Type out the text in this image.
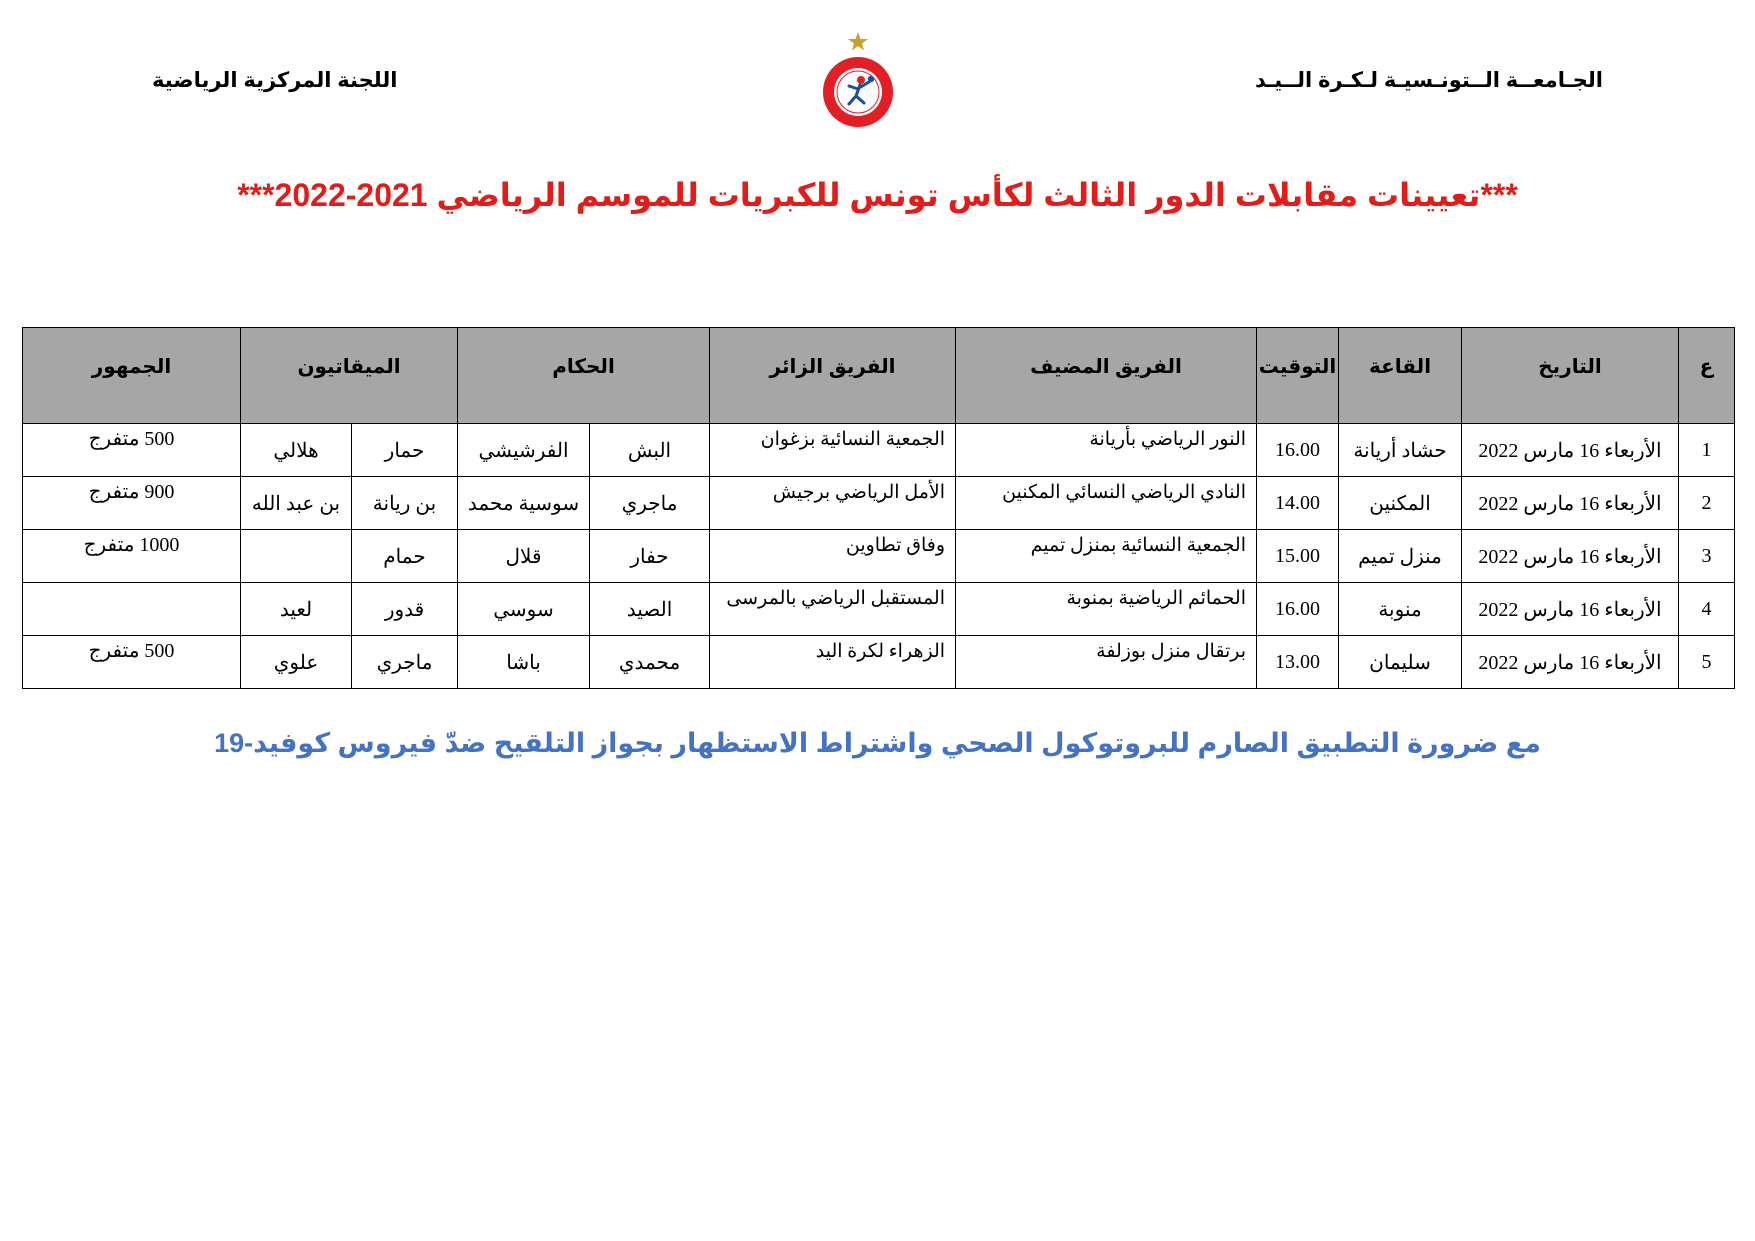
الجـامعــة الــتونـسيـة لـكـرة الــيـد
اللجنة المركزية الرياضية
***تعيينات مقابلات الدور الثالث لكأس تونس للكبريات للموسم الرياضي 2021-2022***
ع	التاريخ	القاعة	التوقيت	الفريق المضيف	الفريق الزائر	الحكام		الميقاتيون		الجمهور
1	الأربعاء 16 مارس 2022	حشاد أريانة	16.00	النور الرياضي بأريانة	الجمعية النسائية بزغوان	البش	الفرشيشي	حمار	هلالي	500 متفرج
2	الأربعاء 16 مارس 2022	المكنين	14.00	النادي الرياضي النسائي المكنين	الأمل الرياضي برجيش	ماجري	سوسية محمد	بن ريانة	بن عبد الله	900 متفرج
3	الأربعاء 16 مارس 2022	منزل تميم	15.00	الجمعية النسائية بمنزل تميم	وفاق تطاوين	حفار	قلال	حمام		1000 متفرج
4	الأربعاء 16 مارس 2022	منوبة	16.00	الحمائم الرياضية بمنوبة	المستقبل الرياضي بالمرسى	الصيد	سوسي	قدور	لعيد	
5	الأربعاء 16 مارس 2022	سليمان	13.00	برتقال منزل بوزلفة	الزهراء لكرة اليد	محمدي	باشا	ماجري	علوي	500 متفرج
مع ضرورة التطبيق الصارم للبروتوكول الصحي واشتراط الاستظهار بجواز التلقيح ضدّ فيروس كوفيد-19
